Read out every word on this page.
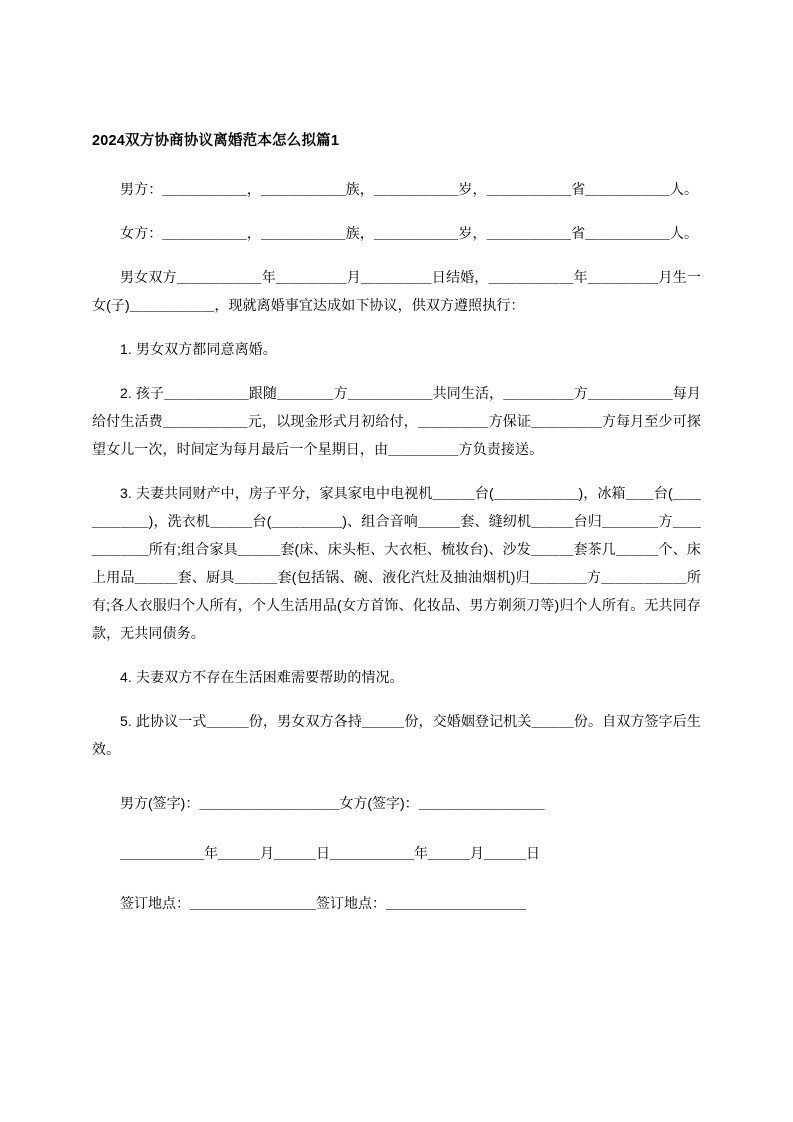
2024双方协商协议离婚范本怎么拟篇1

男方：＿＿＿＿＿＿，＿＿＿＿＿＿族，＿＿＿＿＿＿岁，＿＿＿＿＿＿省＿＿＿＿＿＿人。

女方：＿＿＿＿＿＿，＿＿＿＿＿＿族，＿＿＿＿＿＿岁，＿＿＿＿＿＿省＿＿＿＿＿＿人。

男女双方＿＿＿＿＿＿年＿＿＿＿＿月＿＿＿＿＿日结婚，＿＿＿＿＿＿年＿＿＿＿＿月生一女(子)＿＿＿＿＿＿，现就离婚事宜达成如下协议，供双方遵照执行：

1. 男女双方都同意离婚。

2. 孩子＿＿＿＿＿＿跟随＿＿＿＿方＿＿＿＿＿＿共同生活，＿＿＿＿＿方＿＿＿＿＿＿每月给付生活费＿＿＿＿＿＿元，以现金形式月初给付，＿＿＿＿＿方保证＿＿＿＿＿方每月至少可探望女儿一次，时间定为每月最后一个星期日，由＿＿＿＿＿方负责接送。

3. 夫妻共同财产中，房子平分，家具家电中电视机＿＿＿台(＿＿＿＿＿＿)，冰箱＿＿台(＿＿＿＿＿＿)，洗衣机＿＿＿台(＿＿＿＿＿)、组合音响＿＿＿套、缝纫机＿＿＿台归＿＿＿＿方＿＿＿＿＿＿所有;组合家具＿＿＿套(床、床头柜、大衣柜、梳妆台)、沙发＿＿＿套茶几＿＿＿个、床上用品＿＿＿套、厨具＿＿＿套(包括锅、碗、液化汽灶及抽油烟机)归＿＿＿＿方＿＿＿＿＿＿所有;各人衣服归个人所有，个人生活用品(女方首饰、化妆品、男方剃须刀等)归个人所有。无共同存款，无共同债务。

4. 夫妻双方不存在生活困难需要帮助的情况。

5. 此协议一式＿＿＿份，男女双方各持＿＿＿份，交婚姻登记机关＿＿＿份。自双方签字后生效。

男方(签字)：＿＿＿＿＿＿＿＿＿＿女方(签字)：＿＿＿＿＿＿＿＿＿

＿＿＿＿＿＿年＿＿＿月＿＿＿日＿＿＿＿＿＿年＿＿＿月＿＿＿日

签订地点：＿＿＿＿＿＿＿＿＿签订地点：＿＿＿＿＿＿＿＿＿＿
